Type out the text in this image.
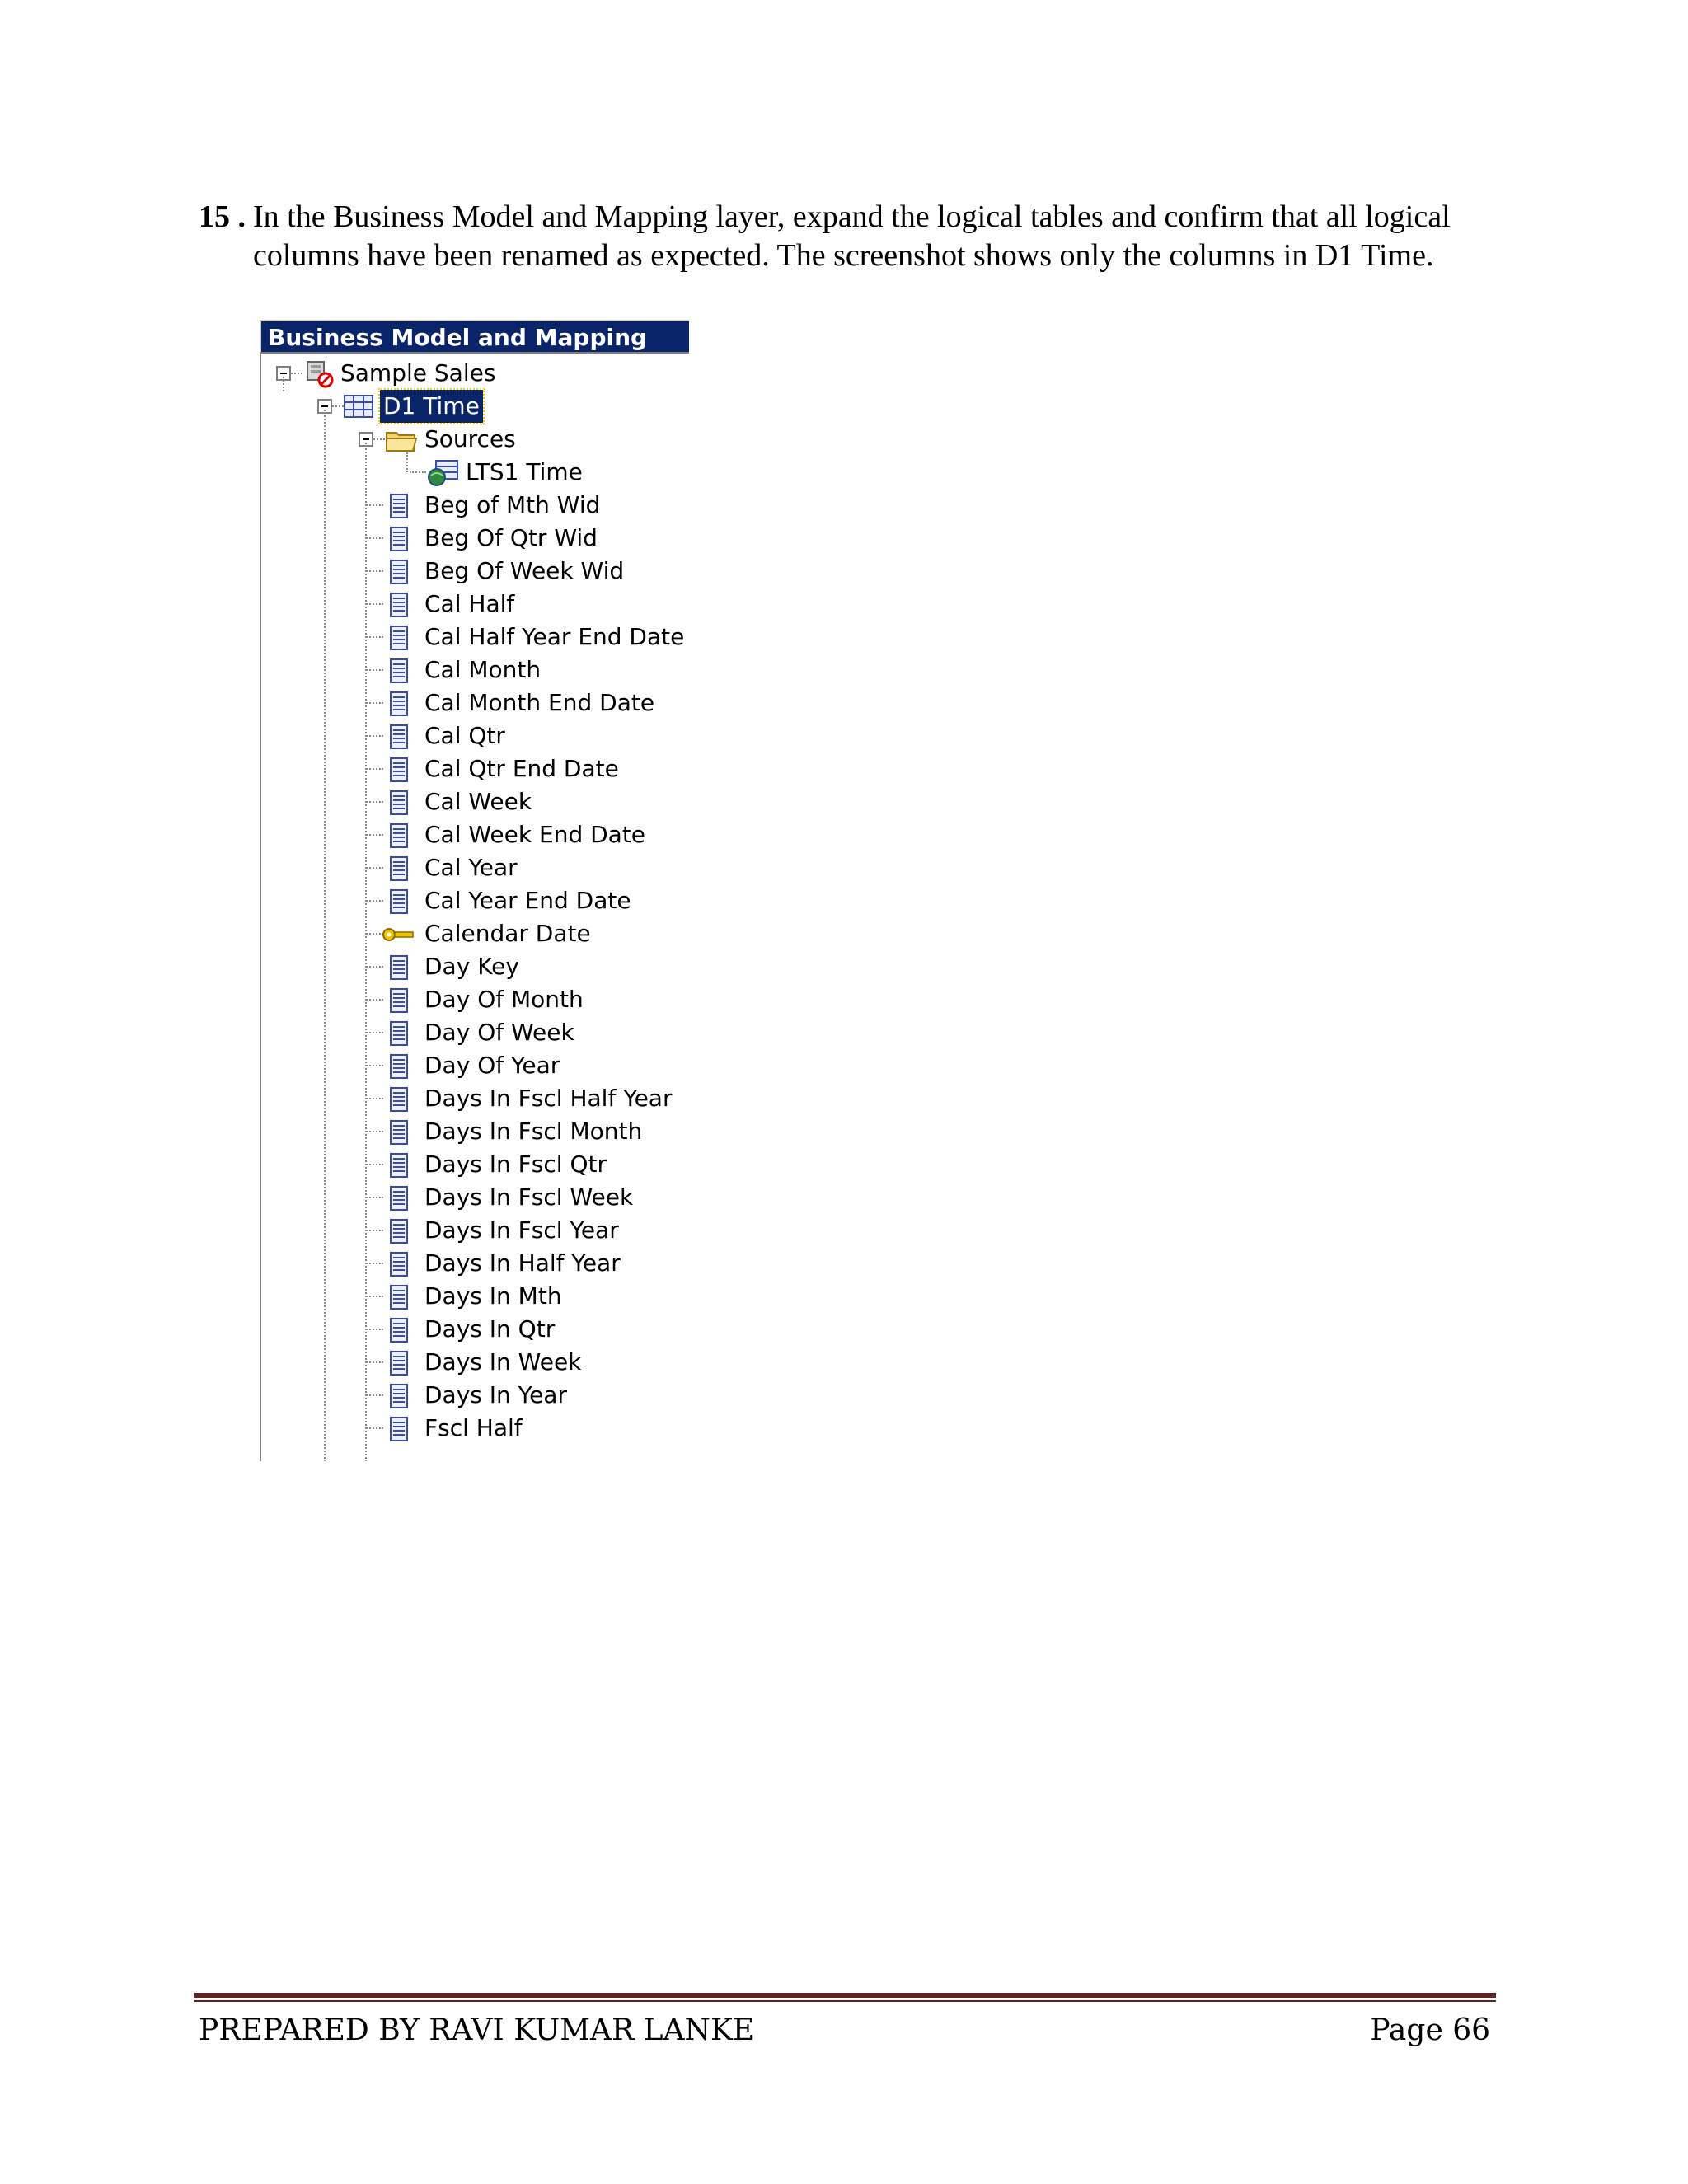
15 . In the Business Model and Mapping layer, expand the logical tables and confirm that all logical columns have been renamed as expected. The screenshot shows only the columns in D1 Time.
Business Model and Mapping
Sample Sales
D1 Time
Sources
LTS1 Time
Beg of Mth Wid
Beg Of Qtr Wid
Beg Of Week Wid
Cal Half
Cal Half Year End Date
Cal Month
Cal Month End Date
Cal Qtr
Cal Qtr End Date
Cal Week
Cal Week End Date
Cal Year
Cal Year End Date
Calendar Date
Day Key
Day Of Month
Day Of Week
Day Of Year
Days In Fscl Half Year
Days In Fscl Month
Days In Fscl Qtr
Days In Fscl Week
Days In Fscl Year
Days In Half Year
Days In Mth
Days In Qtr
Days In Week
Days In Year
Fscl Half
PREPARED BY RAVI KUMAR LANKE	Page 66
